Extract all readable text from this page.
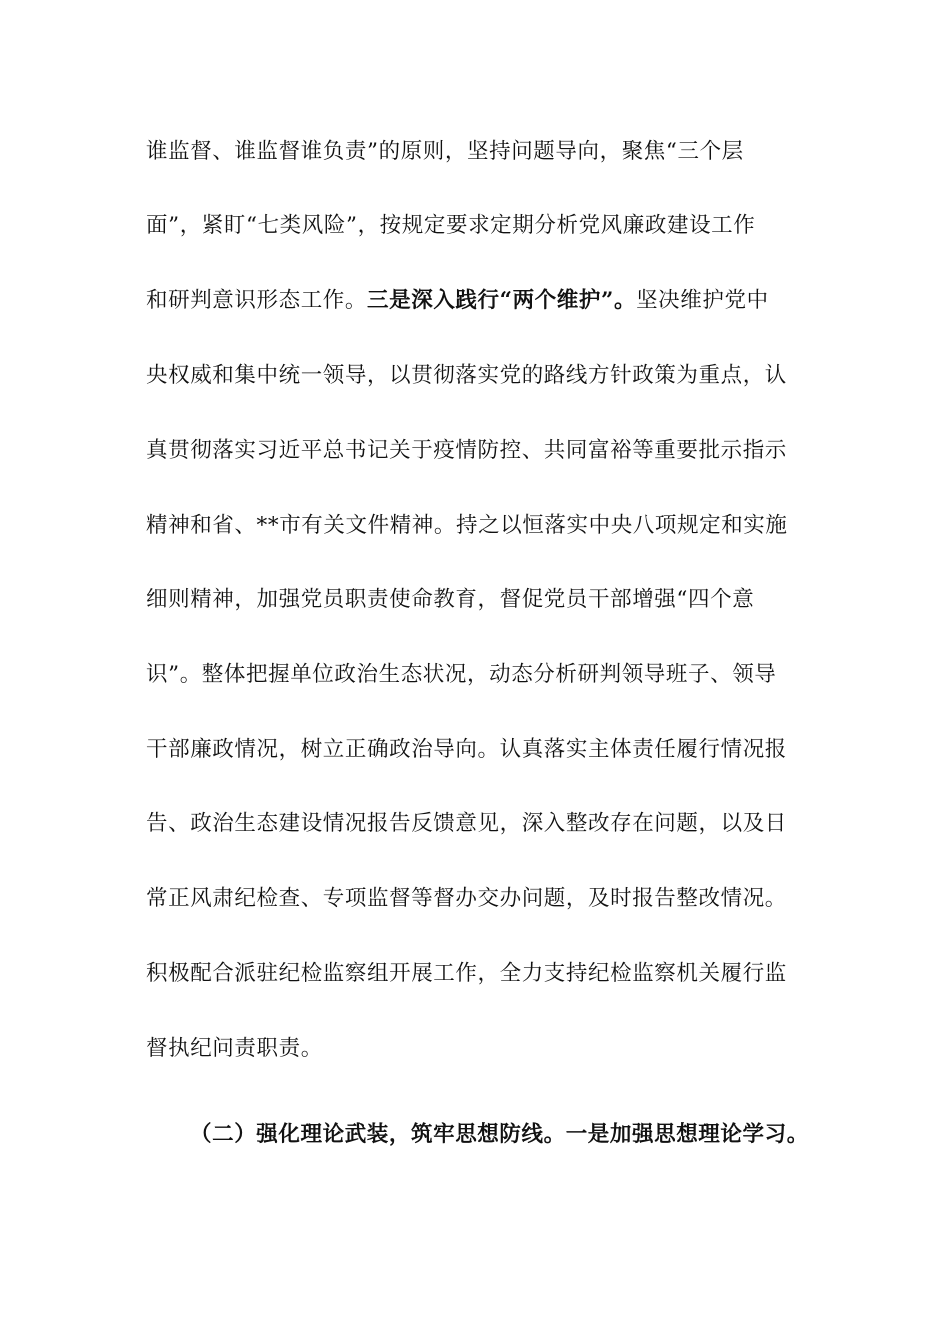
谁监督、谁监督谁负责”的原则，坚持问题导向，聚焦“三个层
面”，紧盯“七类风险”，按规定要求定期分析党风廉政建设工作
和研判意识形态工作。三是深入践行“两个维护”。坚决维护党中
央权威和集中统一领导，以贯彻落实党的路线方针政策为重点，认
真贯彻落实习近平总书记关于疫情防控、共同富裕等重要批示指示
精神和省、**市有关文件精神。持之以恒落实中央八项规定和实施
细则精神，加强党员职责使命教育，督促党员干部增强“四个意
识”。整体把握单位政治生态状况，动态分析研判领导班子、领导
干部廉政情况，树立正确政治导向。认真落实主体责任履行情况报
告、政治生态建设情况报告反馈意见，深入整改存在问题，以及日
常正风肃纪检查、专项监督等督办交办问题，及时报告整改情况。
积极配合派驻纪检监察组开展工作，全力支持纪检监察机关履行监
督执纪问责职责。
（二）强化理论武装，筑牢思想防线。一是加强思想理论学习。
